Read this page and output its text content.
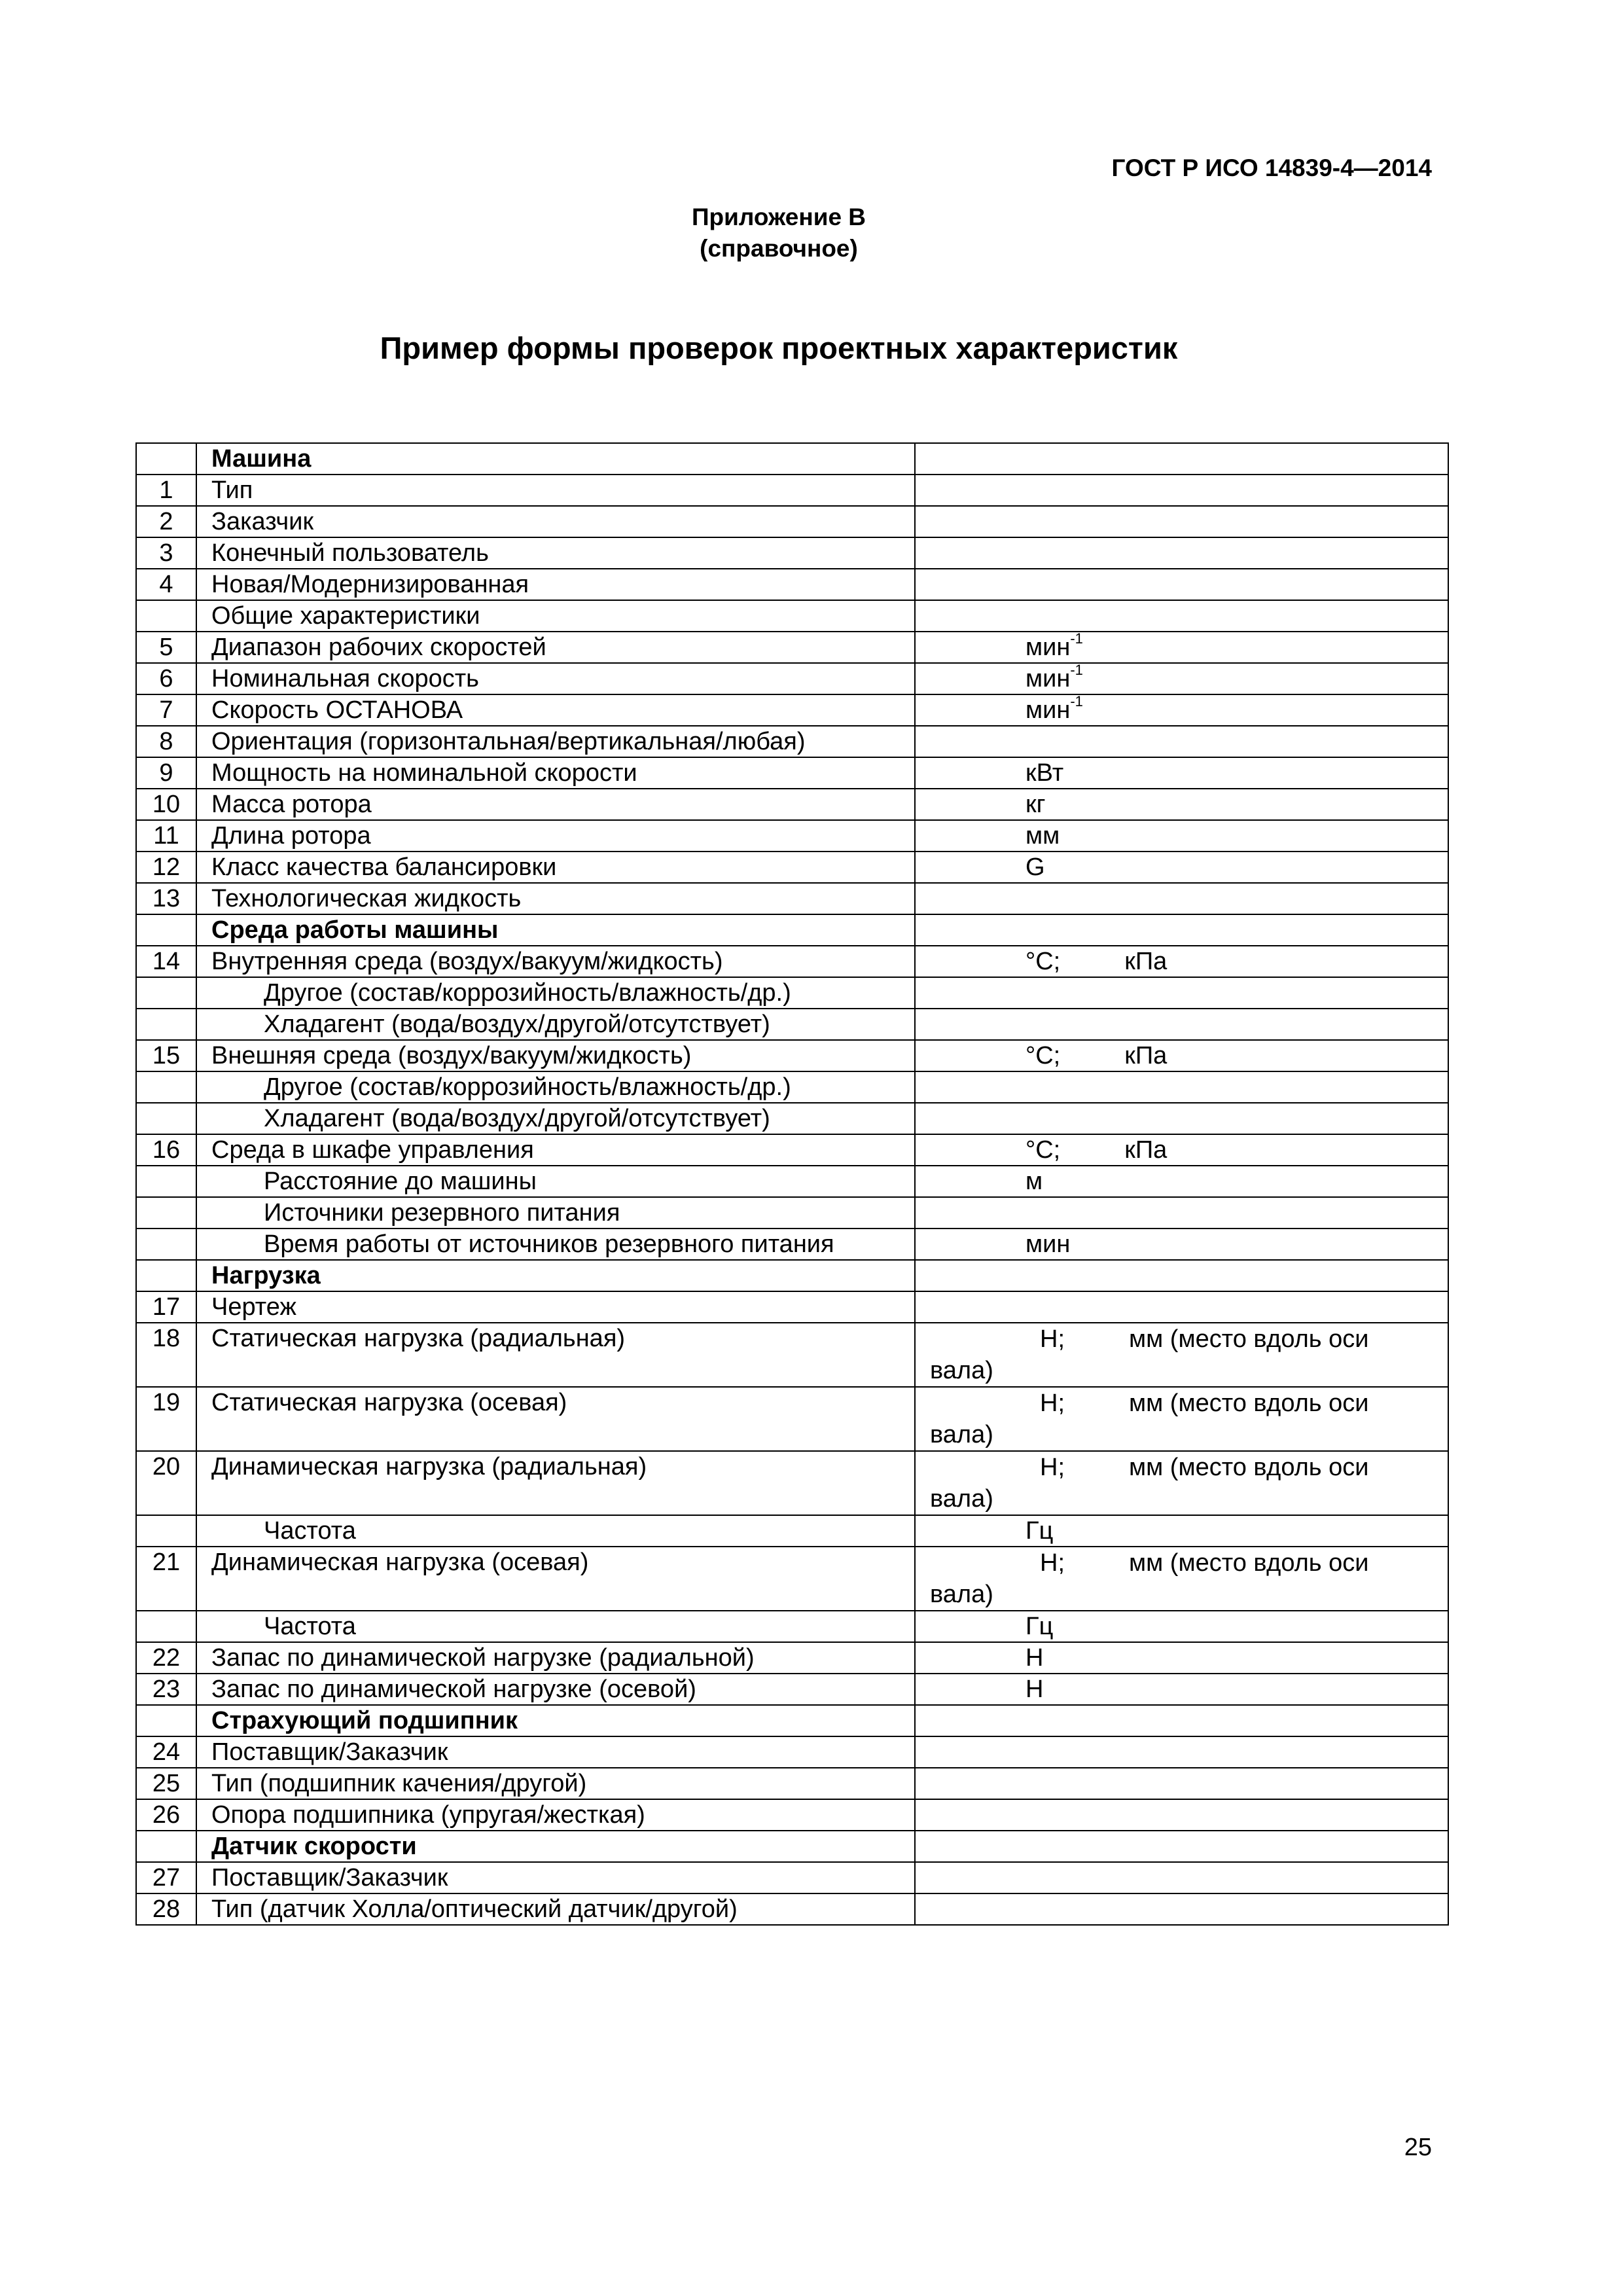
ГОСТ Р ИСО 14839-4—2014
Приложение В
(справочное)
Пример формы проверок проектных характеристик
	Машина	
1	Тип	
2	Заказчик	
3	Конечный пользователь	
4	Новая/Модернизированная	
	Общие характеристики	
5	Диапазон рабочих скоростей	мин$^{-1}$
6	Номинальная скорость	мин$^{-1}$
7	Скорость ОСТАНОВА	мин$^{-1}$
8	Ориентация (горизонтальная/вертикальная/любая)	
9	Мощность на номинальной скорости	кВт
10	Масса ротора	кг
11	Длина ротора	мм
12	Класс качества балансировки	G
13	Технологическая жидкость	
	Среда работы машины	
14	Внутренняя среда (воздух/вакуум/жидкость)	°С; кПа
	Другое (состав/коррозийность/влажность/др.)	
	Хладагент (вода/воздух/другой/отсутствует)	
15	Внешняя среда (воздух/вакуум/жидкость)	°С; кПа
	Другое (состав/коррозийность/влажность/др.)	
	Хладагент (вода/воздух/другой/отсутствует)	
16	Среда в шкафе управления	°С; кПа
	Расстояние до машины	м
	Источники резервного питания	
	Время работы от источников резервного питания	мин
	Нагрузка	
17	Чертеж	
18	Статическая нагрузка (радиальная)	Н; мм (место вдоль оси
вала)

19	Статическая нагрузка (осевая)	Н; мм (место вдоль оси
вала)

20	Динамическая нагрузка (радиальная)	Н; мм (место вдоль оси
вала)

	Частота	Гц
21	Динамическая нагрузка (осевая)	Н; мм (место вдоль оси
вала)

	Частота	Гц
22	Запас по динамической нагрузке (радиальной)	Н
23	Запас по динамической нагрузке (осевой)	Н
	Страхующий подшипник	
24	Поставщик/Заказчик	
25	Тип (подшипник качения/другой)	
26	Опора подшипника (упругая/жесткая)	
	Датчик скорости	
27	Поставщик/Заказчик	
28	Тип (датчик Холла/оптический датчик/другой)	
25
